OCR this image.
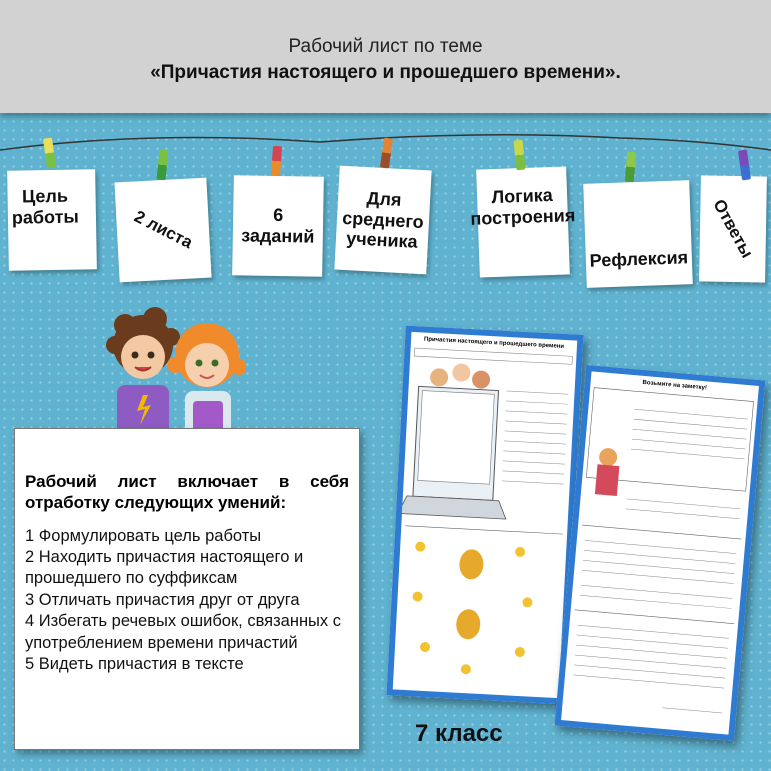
Рабочий лист по теме
«Причастия настоящего и прошедшего времени».
Цель
работы	2 листа	6
заданий
Для
среднего
ученика
Логика
построения
Рефлексия Ответы
Причастия настоящего и прошедшего времени
Возьмите на заметку!
Рабочий лист включает в себя отработку следующих умений:
1 Формулировать цель работы
2 Находить причастия настоящего и прошедшего по суффиксам
3 Отличать причастия друг от друга
4 Избегать речевых ошибок, связанных с употреблением времени причастий
5 Видеть причастия в тексте
7 класс
